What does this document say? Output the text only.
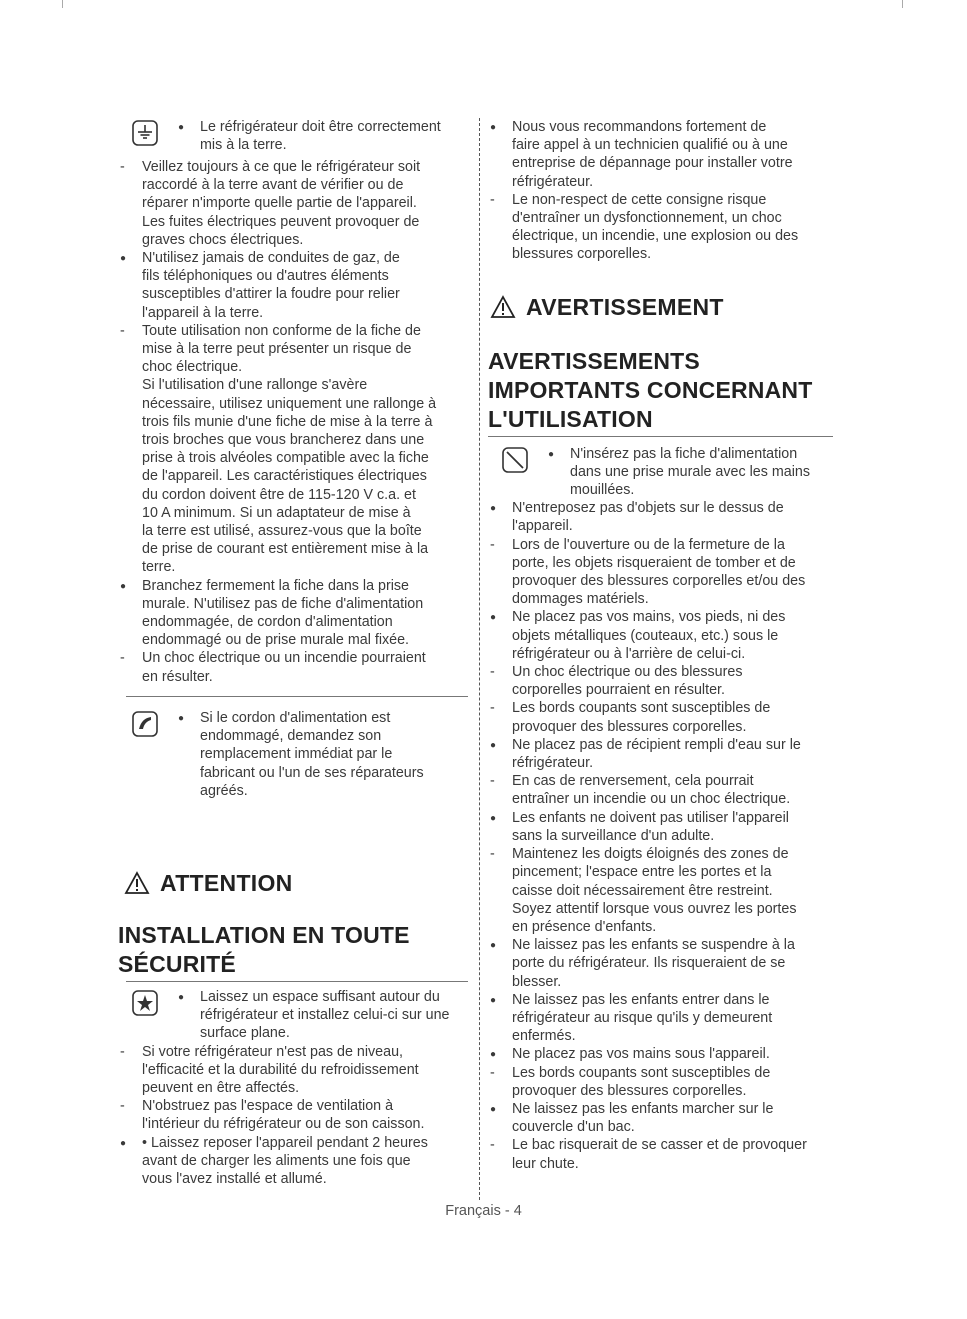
●	Le réfrigérateur doit être correctement
mis à la terre.
-	Veillez toujours à ce que le réfrigérateur soit
raccordé à la terre avant de vérifier ou de
réparer n'importe quelle partie de l'appareil.
Les fuites électriques peuvent provoquer de
graves chocs électriques.
●	N'utilisez jamais de conduites de gaz, de
fils téléphoniques ou d'autres éléments
susceptibles d'attirer la foudre pour relier
l'appareil à la terre.
-	Toute utilisation non conforme de la fiche de
mise à la terre peut présenter un risque de
choc électrique.
Si l'utilisation d'une rallonge s'avère
nécessaire, utilisez uniquement une rallonge à
trois fils munie d'une fiche de mise à la terre à
trois broches que vous brancherez dans une
prise à trois alvéoles compatible avec la fiche
de l'appareil. Les caractéristiques électriques
du cordon doivent être de 115-120 V c.a. et
10 A minimum. Si un adaptateur de mise à
la terre est utilisé, assurez-vous que la boîte
de prise de courant est entièrement mise à la
terre.
●	Branchez fermement la fiche dans la prise
murale. N'utilisez pas de fiche d'alimentation
endommagée, de cordon d'alimentation
endommagé ou de prise murale mal fixée.
-	Un choc électrique ou un incendie pourraient
en résulter.
●	Si le cordon d'alimentation est
endommagé, demandez son
remplacement immédiat par le
fabricant ou l'un de ses réparateurs
agréés.
ATTENTION
INSTALLATION EN TOUTE
SÉCURITÉ
●	Laissez un espace suffisant autour du
réfrigérateur et installez celui-ci sur une
surface plane.
-	Si votre réfrigérateur n'est pas de niveau,
l'efficacité et la durabilité du refroidissement
peuvent en être affectés.
-	N'obstruez pas l'espace de ventilation à
l'intérieur du réfrigérateur ou de son caisson.
●	• Laissez reposer l'appareil pendant 2 heures
avant de charger les aliments une fois que
vous l'avez installé et allumé.
●	Nous vous recommandons fortement de
faire appel à un technicien qualifié ou à une
entreprise de dépannage pour installer votre
réfrigérateur.
-	Le non-respect de cette consigne risque
d'entraîner un dysfonctionnement, un choc
électrique, un incendie, une explosion ou des
blessures corporelles.
AVERTISSEMENT
AVERTISSEMENTS
IMPORTANTS CONCERNANT
L'UTILISATION
●	N'insérez pas la fiche d'alimentation
dans une prise murale avec les mains
mouillées.
●	N'entreposez pas d'objets sur le dessus de
l'appareil.
-	Lors de l'ouverture ou de la fermeture de la
porte, les objets risqueraient de tomber et de
provoquer des blessures corporelles et/ou des
dommages matériels.
●	Ne placez pas vos mains, vos pieds, ni des
objets métalliques (couteaux, etc.) sous le
réfrigérateur ou à l'arrière de celui-ci.
-	Un choc électrique ou des blessures
corporelles pourraient en résulter.
-	Les bords coupants sont susceptibles de
provoquer des blessures corporelles.
●	Ne placez pas de récipient rempli d'eau sur le
réfrigérateur.
-	En cas de renversement, cela pourrait
entraîner un incendie ou un choc électrique.
●	Les enfants ne doivent pas utiliser l'appareil
sans la surveillance d'un adulte.
-	Maintenez les doigts éloignés des zones de
pincement; l'espace entre les portes et la
caisse doit nécessairement être restreint.
Soyez attentif lorsque vous ouvrez les portes
en présence d'enfants.
●	Ne laissez pas les enfants se suspendre à la
porte du réfrigérateur. Ils risqueraient de se
blesser.
●	Ne laissez pas les enfants entrer dans le
réfrigérateur au risque qu'ils y demeurent
enfermés.
●	Ne placez pas vos mains sous l'appareil.
-	Les bords coupants sont susceptibles de
provoquer des blessures corporelles.
●	Ne laissez pas les enfants marcher sur le
couvercle d'un bac.
-	Le bac risquerait de se casser et de provoquer
leur chute.
Français - 4
